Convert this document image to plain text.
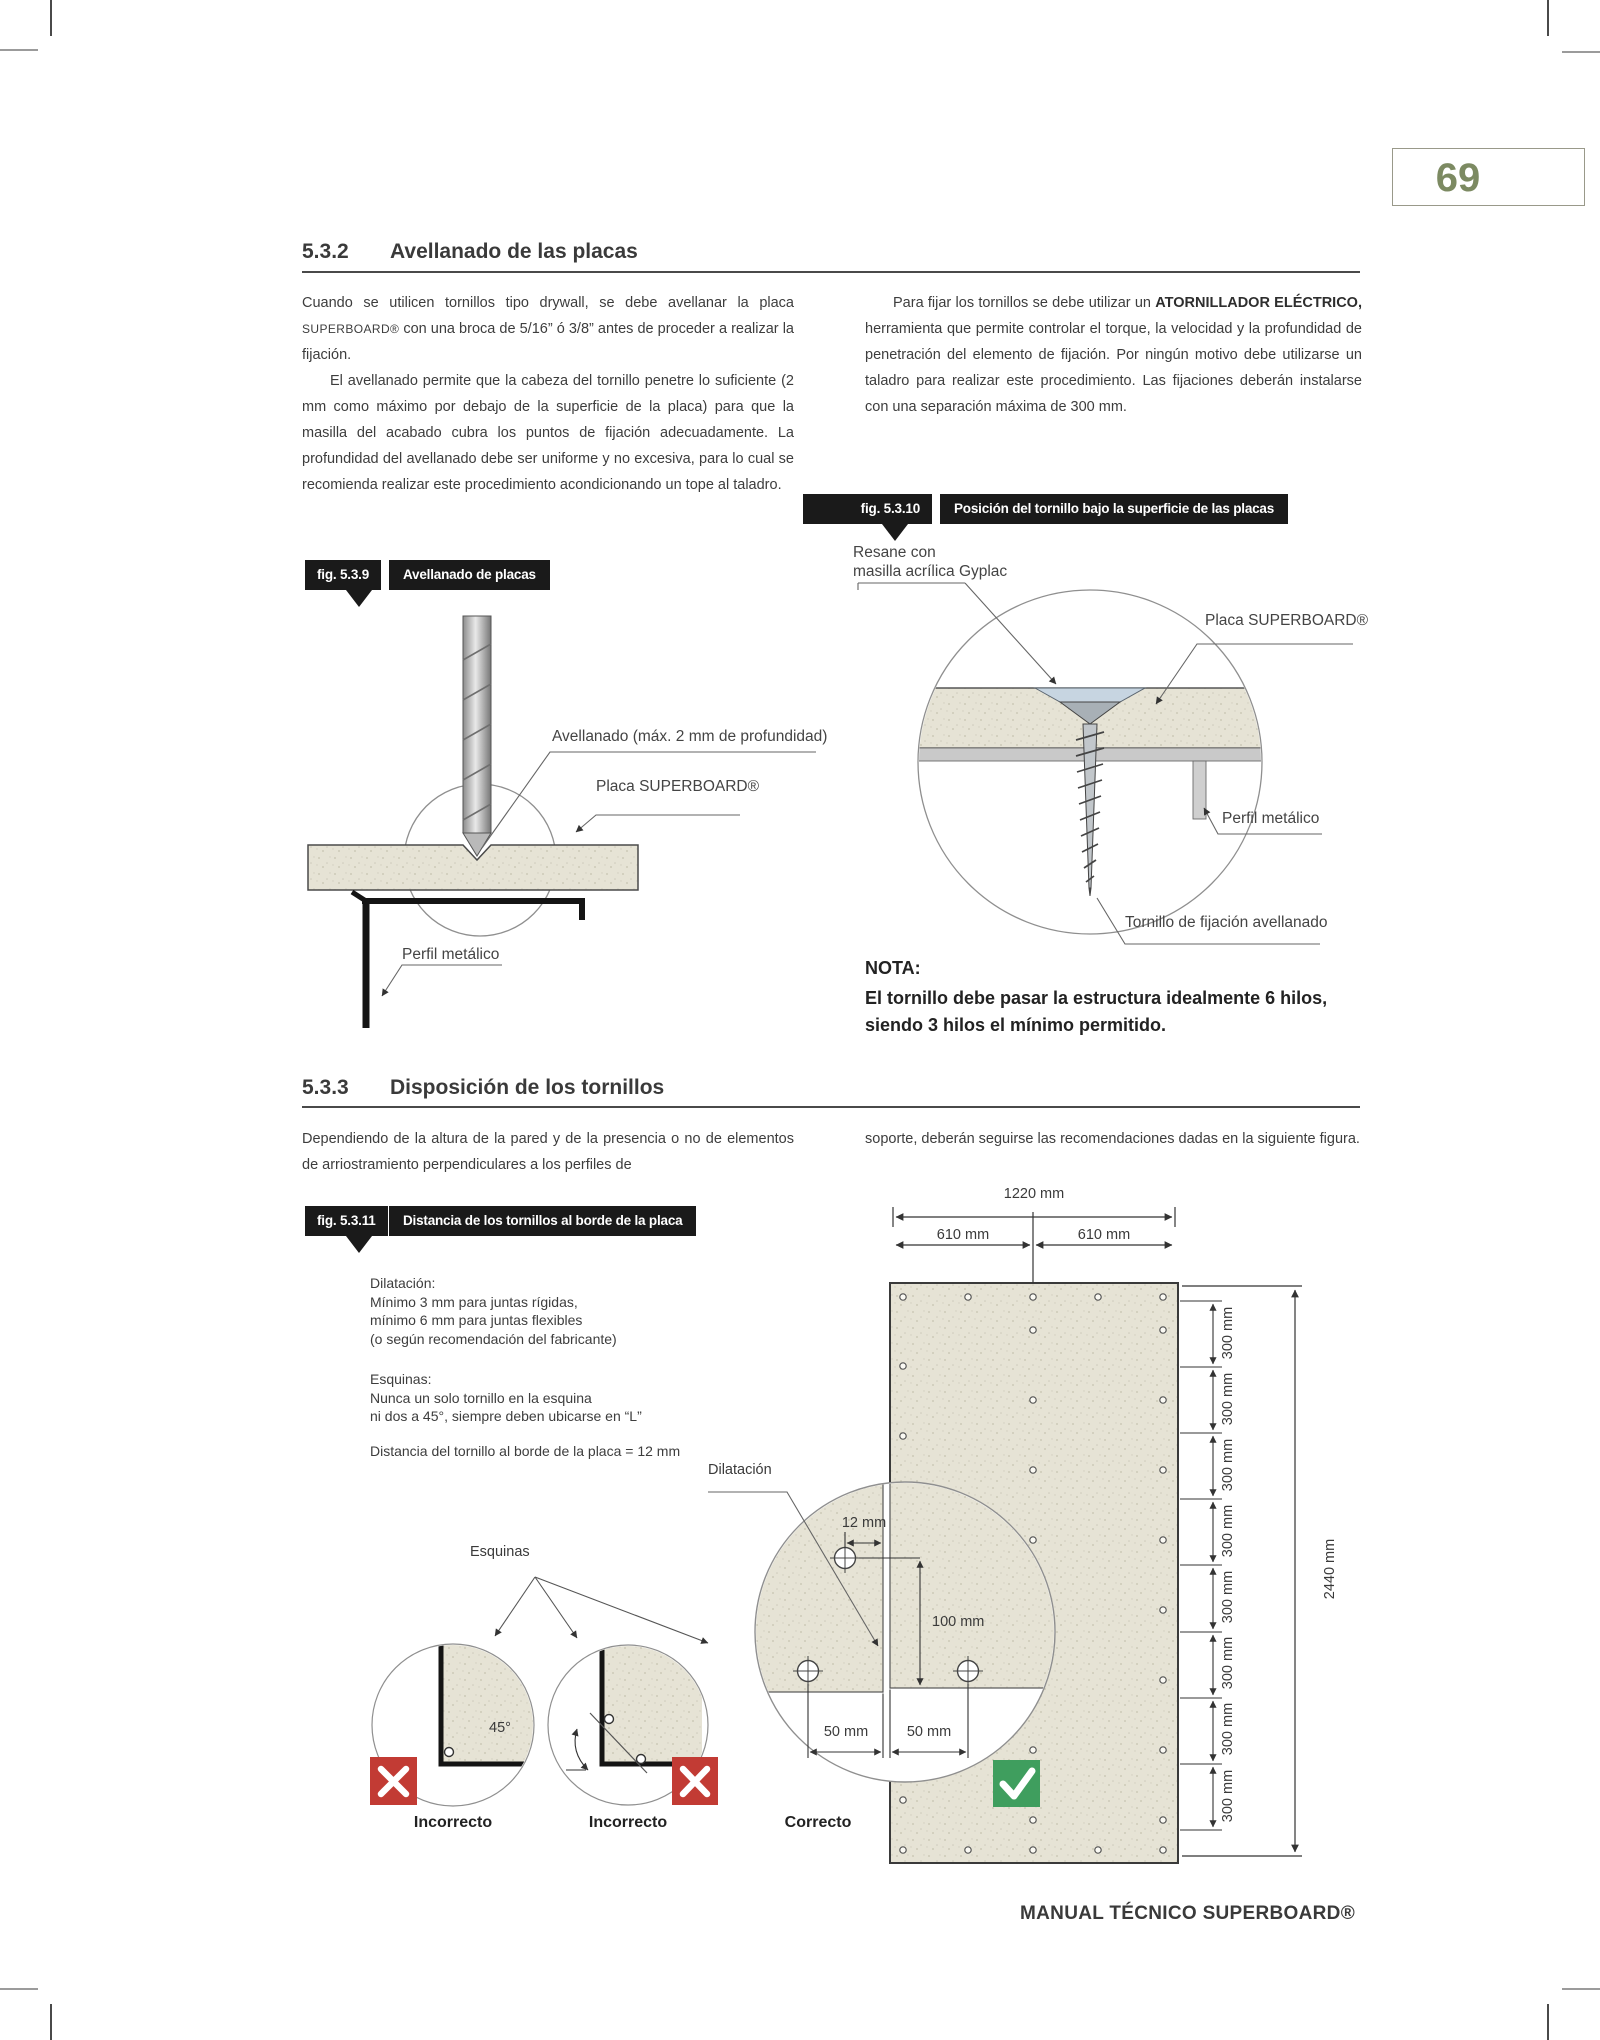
69
5.3.2 Avellanado de las placas

Cuando se utilicen tornillos tipo drywall, se debe avellanar la placa SUPERBOARD® con una broca de 5/16” ó 3/8” antes de proceder a realizar la fijación.

El avellanado permite que la cabeza del tornillo penetre lo suficiente (2 mm como máximo por debajo de la superficie de la placa) para que la masilla del acabado cubra los puntos de fijación adecuadamente. La profundidad del avellanado debe ser uniforme y no excesiva, para lo cual se recomienda realizar este procedimiento acondicionando un tope al taladro.

Para fijar los tornillos se debe utilizar un ATORNILLADOR ELÉCTRICO, herramienta que permite controlar el torque, la velocidad y la profundidad de penetración del elemento de fijación. Por ningún motivo debe utilizarse un taladro para realizar este procedimiento. Las fijaciones deberán instalarse con una separación máxima de 300 mm.

fig. 5.3.9	Avellanado de placas
Avellanado (máx. 2 mm de profundidad)
Placa SUPERBOARD®
Perfil metálico
fig. 5.3.10	Posición del tornillo bajo la superficie de las placas
Resane con
masilla acrílica Gyplac
Placa SUPERBOARD®
Perfil metálico
Tornillo de fijación avellanado
NOTA:
El tornillo debe pasar la estructura idealmente 6 hilos, siendo 3 hilos el mínimo permitido.
5.3.3 Disposición de los tornillos
Dependiendo de la altura de la pared y de la presencia o no de elementos de arriostramiento perpendiculares a los perfiles de
soporte, deberán seguirse las recomendaciones dadas en la siguiente figura.
fig. 5.3.11	Distancia de los tornillos al borde de la placa
Dilatación:
Mínimo 3 mm para juntas rígidas,
mínimo 6 mm para juntas flexibles
(o según recomendación del fabricante)
Esquinas:
Nunca un solo tornillo en la esquina
ni dos a 45°, siempre deben ubicarse en “L”
Distancia del tornillo al borde de la placa = 12 mm
1220 mm
610 mm	610 mm
300 mm
300 mm
300 mm
300 mm
300 mm
300 mm
300 mm
300 mm
2440 mm
12 mm
100 mm
50 mm	50 mm
45°
Dilatación
Esquinas
Incorrecto	Incorrecto	Correcto
MANUAL TÉCNICO SUPERBOARD®
